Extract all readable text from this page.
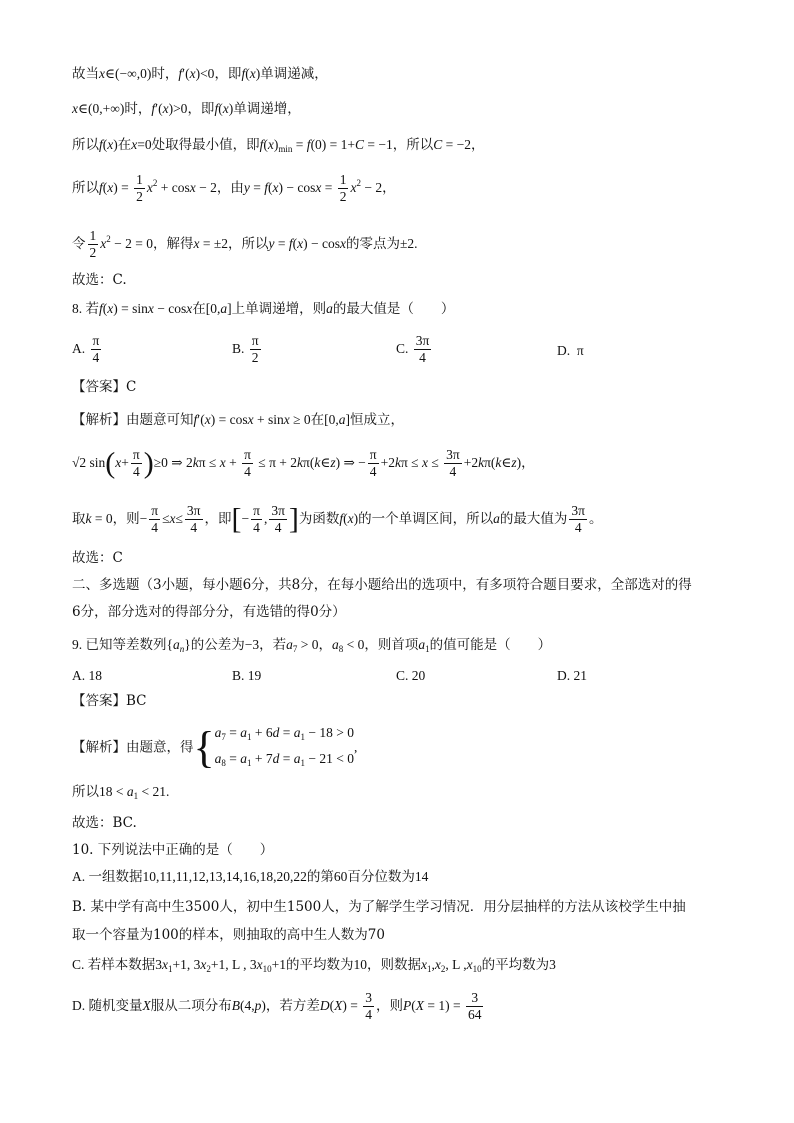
故当x∈(−∞,0)时，f′(x)<0，即f(x)单调递减，
x∈(0,+∞)时，f′(x)>0，即f(x)单调递增，
所以f(x)在x=0处取得最小值，即$f(x)_{min} = f(0) = 1+C = -1$，所以C = −2，
所以$f(x) = \frac{1}{2} x^2 + \cos x - 2$，由$y = f(x) - \cos x = \frac{1}{2} x^2 - 2$，
令 $\frac{1}{2} x^2 - 2 = 0$，解得x = ±2，所以y = f(x) − cosx的零点为±2.
故选：C.
8. 若f(x) = sinx − cosx在[0,a]上单调递增，则a的最大值是（　　）
A. $\frac{\pi}{4}$	B. $\frac{\pi}{2}$	C. $\frac{3\pi}{4}$	D.  π
【答案】C
【解析】由题意可知f′(x) = cosx + sinx ≥ 0在[0,a]恒成立，
√2 $\sin(x+ \frac{\pi}{4} )\ge 0$ ⇒ $2k\pi \le x + \frac{\pi}{4} \le \pi$ + 2kπ(k∈z) ⇒ − $\frac{\pi}{4} +2k\pi \le x \le \frac{3\pi}{4}$ +2kπ(k∈z)，
取k = 0，则− $\frac{\pi}{4} \le x\le \frac{3\pi}{4}$ ，即[− $\frac{\pi}{4}$ , $\frac{3\pi}{4}$ ]为函数f(x)的一个单调区间，所以a的最大值为 $\frac{3\pi}{4}$ 。
故选：C
二、多选题（3小题，每小题6分，共8分，在每小题给出的选项中，有多项符合题目要求，全部选对的得
6分，部分选对的得部分分，有选错的得0分）
9. 已知等差数列$\{a_n\}$的公差为−3，若$a_7 > 0$，$a_8 < 0$，则首项$a_1$的值可能是（　　）
A. 18	B. 19	C. 20	D. 21
【答案】BC
【解析】由题意，得{ $a_7 = a_1 + 6d = a_1 - 18 > 0$
$a_8 = a_1 + 7d = a_1 - 21 < 0$
,
所以$18 < a_1 < 21$.
故选：BC.
10. 下列说法中正确的是（　　）
A. 一组数据10,11,11,12,13,14,16,18,20,22的第60百分位数为14
B. 某中学有高中生3500人，初中生1500人，为了解学生学习情况．用分层抽样的方法从该校学生中抽
取一个容量为100的样本，则抽取的高中生人数为70
C. 若样本数据$3x_1+1$, $3x_2+1$, L , $3x_{10}+1$的平均数为10，则数据$x_1,x_2$, L $,x_{10}$的平均数为3
D. 随机变量X服从二项分布B(4,p)，若方差$D(X) = \frac{3}{4}$ ，则$P(X = 1) = \frac{3}{64}$
